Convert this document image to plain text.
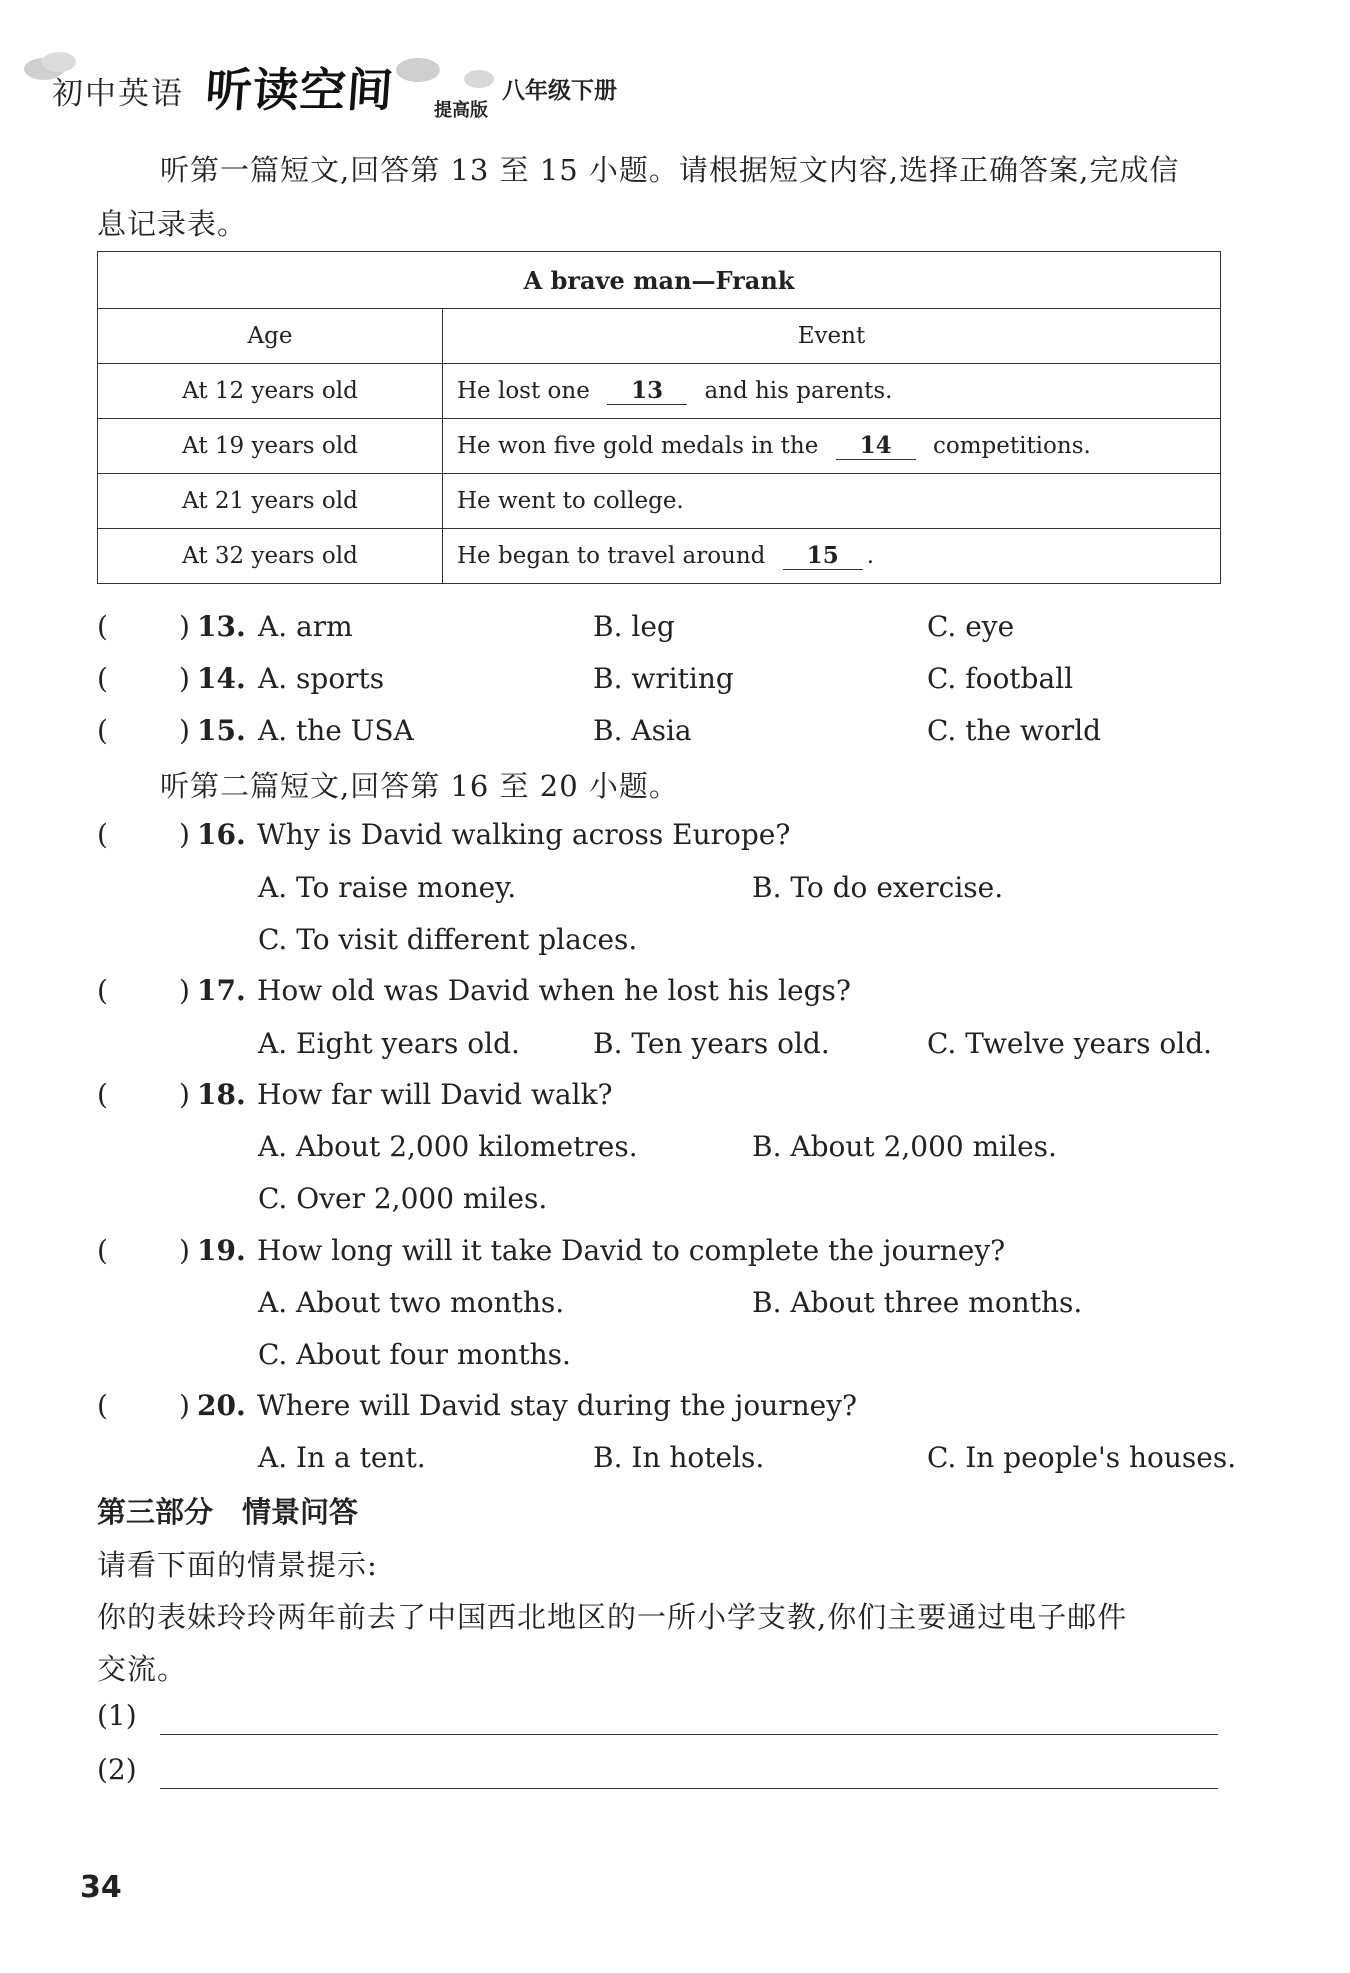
初中英语 听读空间 提高版
八年级下册
听第一篇短文,回答第 13 至 15 小题。请根据短文内容,选择正确答案,完成信
息记录表。
A brave man—Frank	
Age	Event
At 12 years old	He lost one 13 and his parents.
At 19 years old	He won five gold medals in the 14 competitions.
At 21 years old	He went to college.
At 32 years old	He began to travel around 15 .
(	) 13. A. arm	B. leg	C. eye
(	) 14. A. sports	B. writing	C. football
(	) 15. A. the USA	B. Asia	C. the world
听第二篇短文,回答第 16 至 20 小题。
(	) 16. Why is David walking across Europe?
A. To raise money.	B. To do exercise.
C. To visit different places.
(	) 17. How old was David when he lost his legs?
A. Eight years old.	B. Ten years old.	C. Twelve years old.
(	) 18. How far will David walk?
A. About 2,000 kilometres.	B. About 2,000 miles.
C. Over 2,000 miles.
(	) 19. How long will it take David to complete the journey?
A. About two months.	B. About three months.
C. About four months.
(	) 20. Where will David stay during the journey?
A. In a tent.	B. In hotels.	C. In people's houses.
第三部分　情景问答
请看下面的情景提示:
你的表妹玲玲两年前去了中国西北地区的一所小学支教,你们主要通过电子邮件
交流。
(1)
(2)
34
